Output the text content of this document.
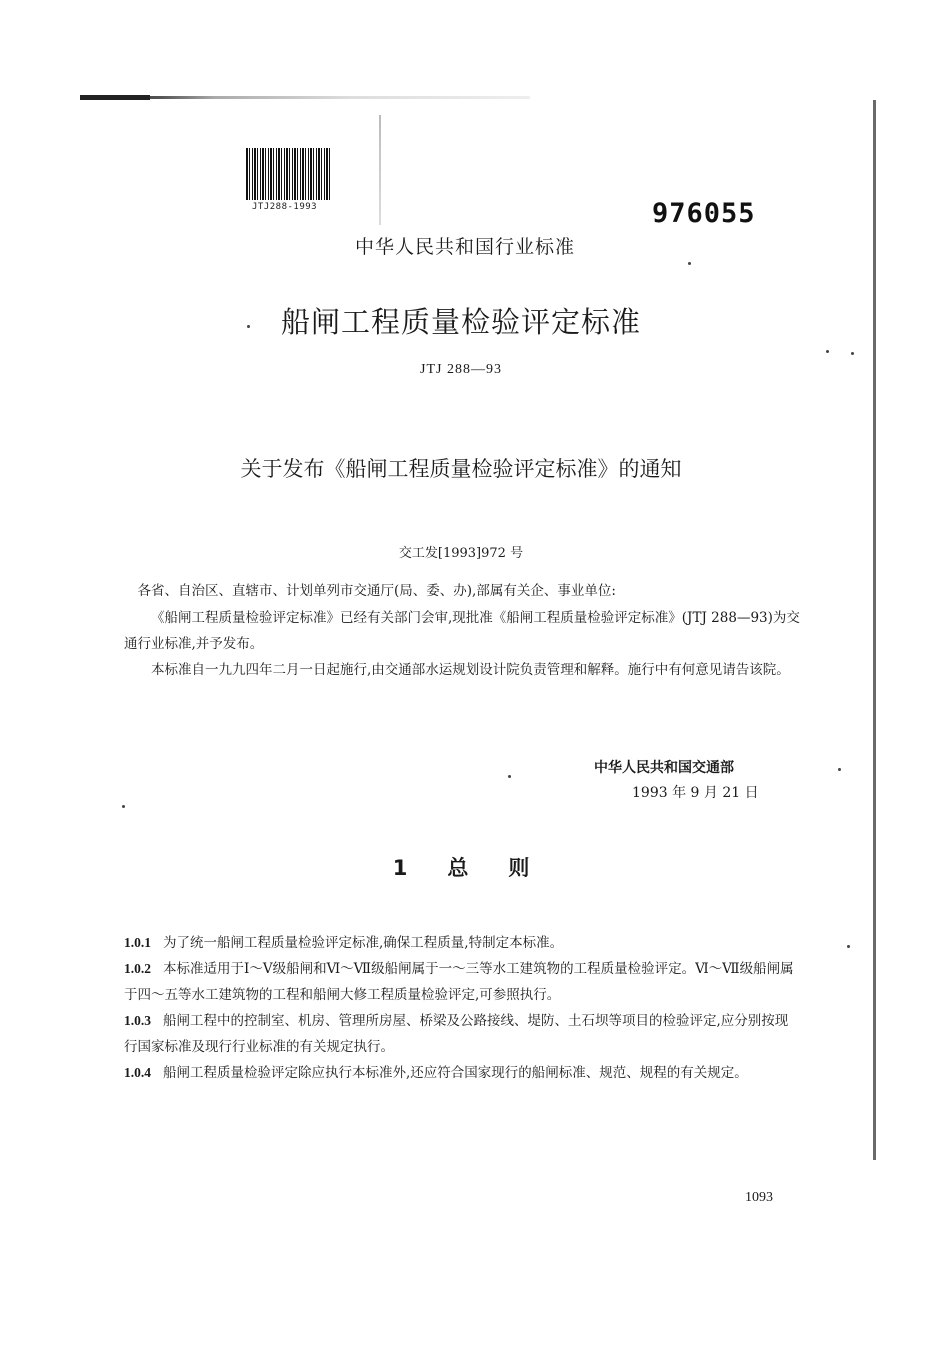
JTJ288-1993	976055
中华人民共和国行业标准
船闸工程质量检验评定标准
JTJ 288—93
关于发布《船闸工程质量检验评定标准》的通知
交工发[1993]972 号
各省、自治区、直辖市、计划单列市交通厅(局、委、办),部属有关企、事业单位:
《船闸工程质量检验评定标准》已经有关部门会审,现批准《船闸工程质量检验评定标准》(JTJ 288—93)为交通行业标准,并予发布。
本标准自一九九四年二月一日起施行,由交通部水运规划设计院负责管理和解释。施行中有何意见请告该院。
中华人民共和国交通部
1993 年 9 月 21 日
1 总 则
1.0.1 为了统一船闸工程质量检验评定标准,确保工程质量,特制定本标准。
1.0.2 本标准适用于Ⅰ～Ⅴ级船闸和Ⅵ～Ⅶ级船闸属于一～三等水工建筑物的工程质量检验评定。Ⅵ～Ⅶ级船闸属于四～五等水工建筑物的工程和船闸大修工程质量检验评定,可参照执行。
1.0.3 船闸工程中的控制室、机房、管理所房屋、桥梁及公路接线、堤防、土石坝等项目的检验评定,应分别按现行国家标准及现行行业标准的有关规定执行。
1.0.4 船闸工程质量检验评定除应执行本标准外,还应符合国家现行的船闸标准、规范、规程的有关规定。
1093
